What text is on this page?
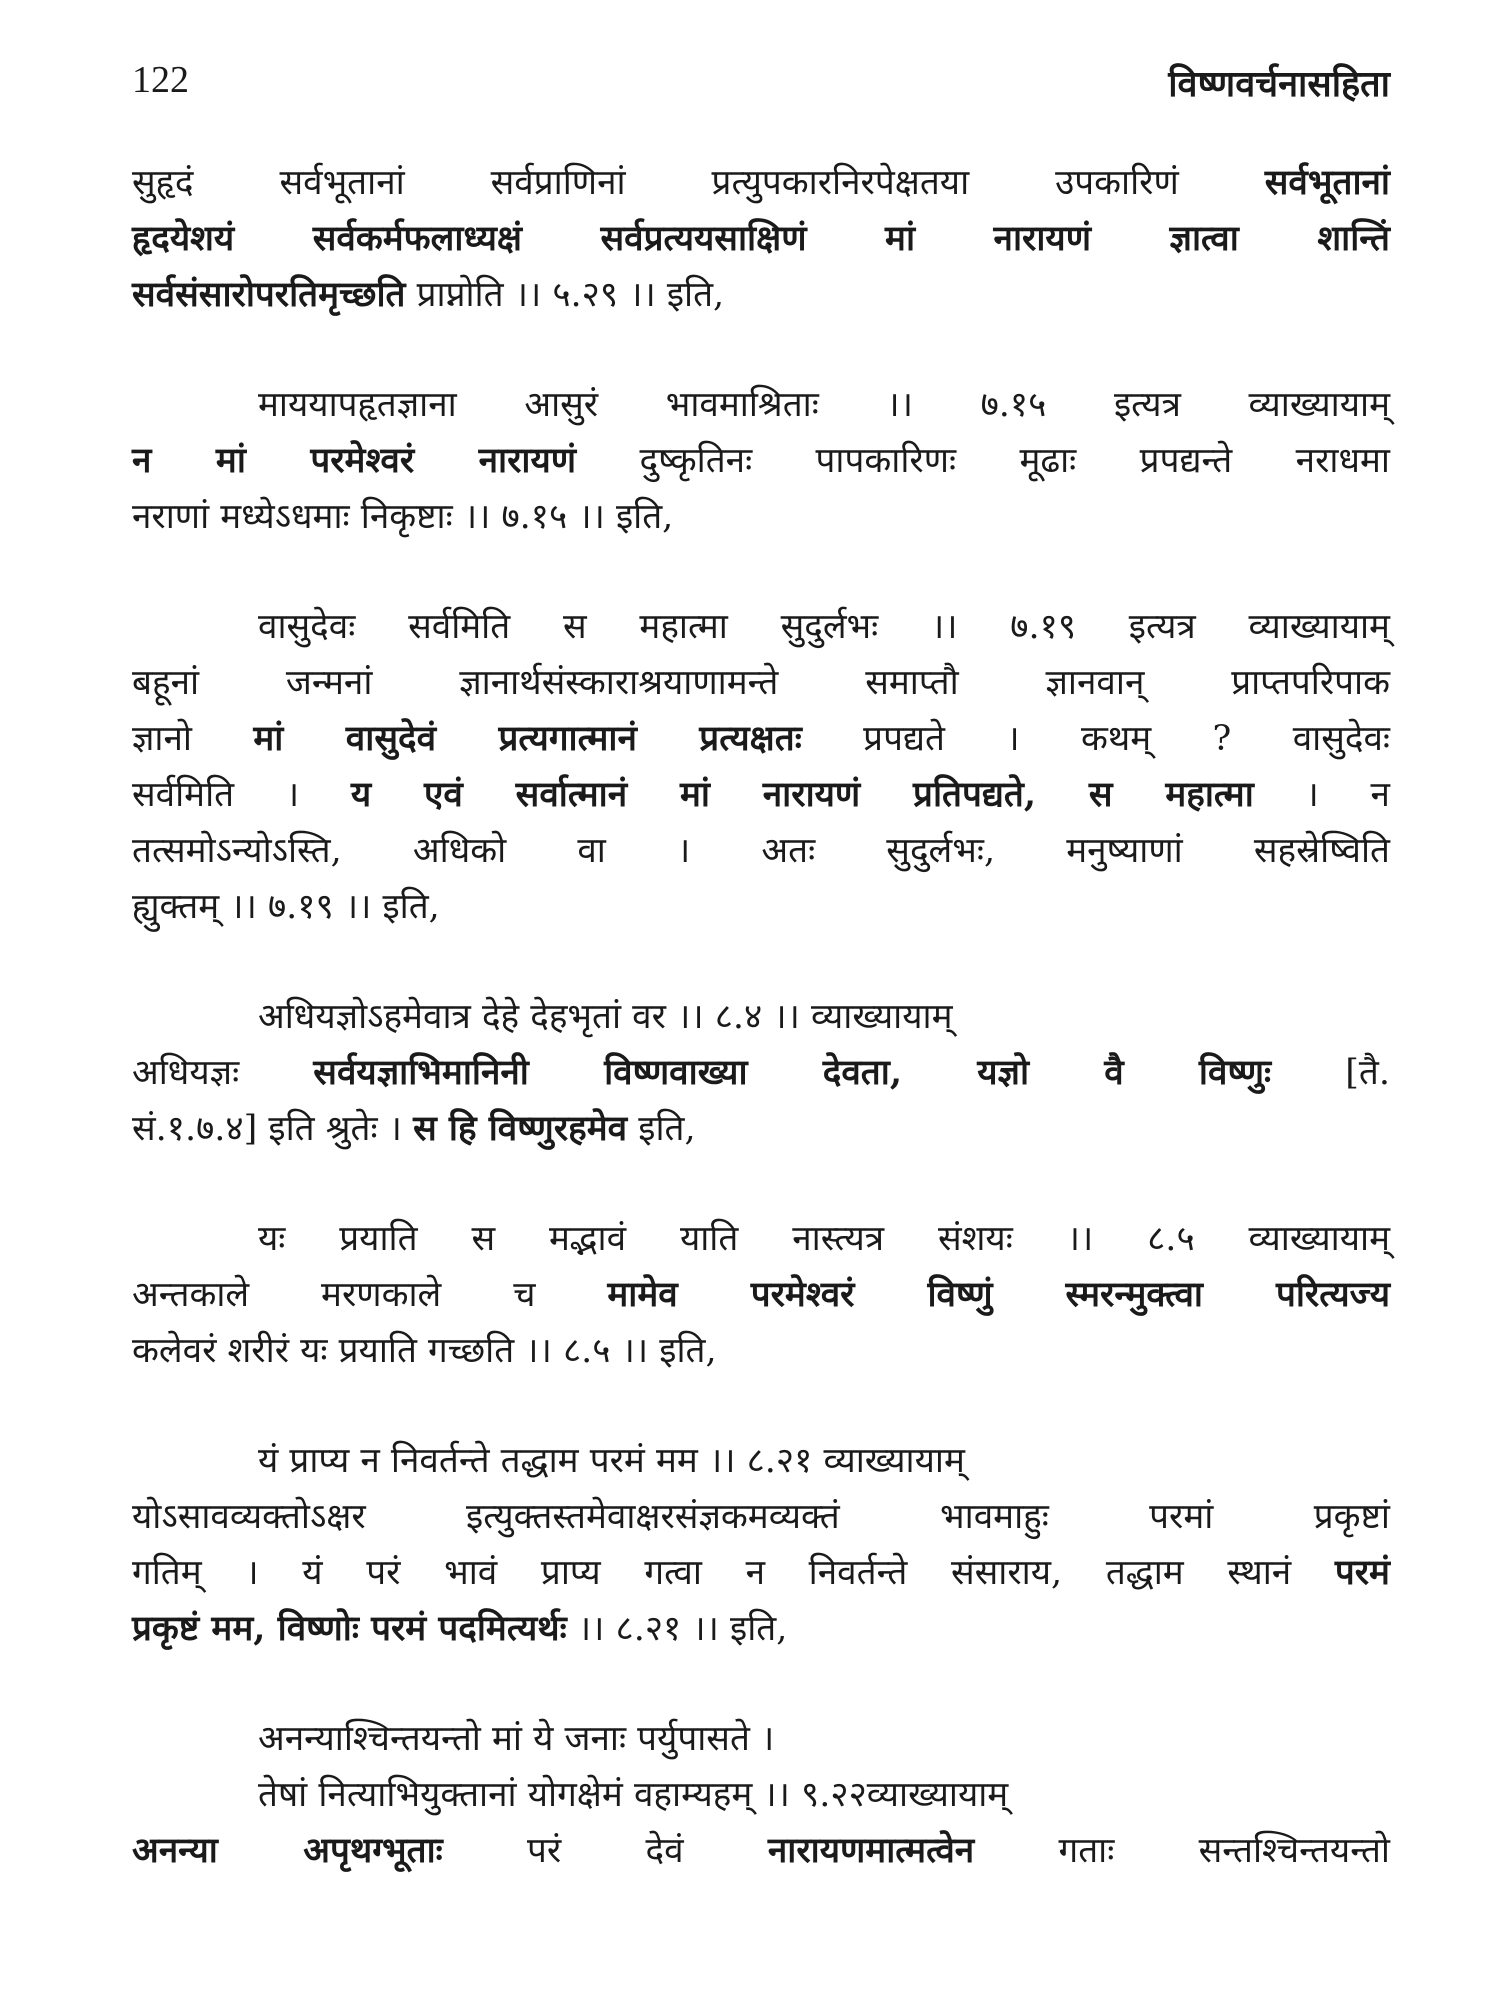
122	विष्णवर्चनासहिता
सुहृदं सर्वभूतानां सर्वप्राणिनां प्रत्युपकारनिरपेक्षतया उपकारिणं सर्वभूतानां
हृदयेशयं सर्वकर्मफलाध्यक्षं सर्वप्रत्ययसाक्षिणं मां नारायणं ज्ञात्वा शान्तिं
सर्वसंसारोपरतिमृच्छति प्राप्नोति ।। ५.२९ ।। इति,
माययापहृतज्ञाना आसुरं भावमाश्रिताः ।। ७.१५ इत्यत्र व्याख्यायाम्
न मां परमेश्वरं नारायणं दुष्कृतिनः पापकारिणः मूढाः प्रपद्यन्ते नराधमा
नराणां मध्येऽधमाः निकृष्टाः ।। ७.१५ ।। इति,
वासुदेवः सर्वमिति स महात्मा सुदुर्लभः ।। ७.१९ इत्यत्र व्याख्यायाम्
बहूनां जन्मनां ज्ञानार्थसंस्काराश्रयाणामन्ते समाप्तौ ज्ञानवान् प्राप्तपरिपाक
ज्ञानो मां वासुदेवं प्रत्यगात्मानं प्रत्यक्षतः प्रपद्यते । कथम् ? वासुदेवः
सर्वमिति । य एवं सर्वात्मानं मां नारायणं प्रतिपद्यते, स महात्मा । न
तत्समोऽन्योऽस्ति, अधिको वा । अतः सुदुर्लभः, मनुष्याणां सहस्रेष्विति
ह्युक्तम् ।। ७.१९ ।। इति,
अधियज्ञोऽहमेवात्र देहे देहभृतां वर ।। ८.४ ।। व्याख्यायाम्
अधियज्ञः सर्वयज्ञाभिमानिनी विष्णवाख्या देवता, यज्ञो वै विष्णुः [तै.
सं.१.७.४] इति श्रुतेः । स हि विष्णुरहमेव इति,
यः प्रयाति स मद्भावं याति नास्त्यत्र संशयः ।। ८.५ व्याख्यायाम्
अन्तकाले मरणकाले च मामेव परमेश्वरं विष्णुं स्मरन्मुक्त्वा परित्यज्य
कलेवरं शरीरं यः प्रयाति गच्छति ।। ८.५ ।। इति,
यं प्राप्य न निवर्तन्ते तद्धाम परमं मम ।। ८.२१ व्याख्यायाम्
योऽसावव्यक्तोऽक्षर इत्युक्तस्तमेवाक्षरसंज्ञकमव्यक्तं भावमाहुः परमां प्रकृष्टां
गतिम् । यं परं भावं प्राप्य गत्वा न निवर्तन्ते संसाराय, तद्धाम स्थानं परमं
प्रकृष्टं मम, विष्णोः परमं पदमित्यर्थः ।। ८.२१ ।। इति,
अनन्याश्चिन्तयन्तो मां ये जनाः पर्युपासते ।
तेषां नित्याभियुक्तानां योगक्षेमं वहाम्यहम् ।। ९.२२व्याख्यायाम्
अनन्या अपृथग्भूताः परं देवं नारायणमात्मत्वेन गताः सन्तश्चिन्तयन्तो
